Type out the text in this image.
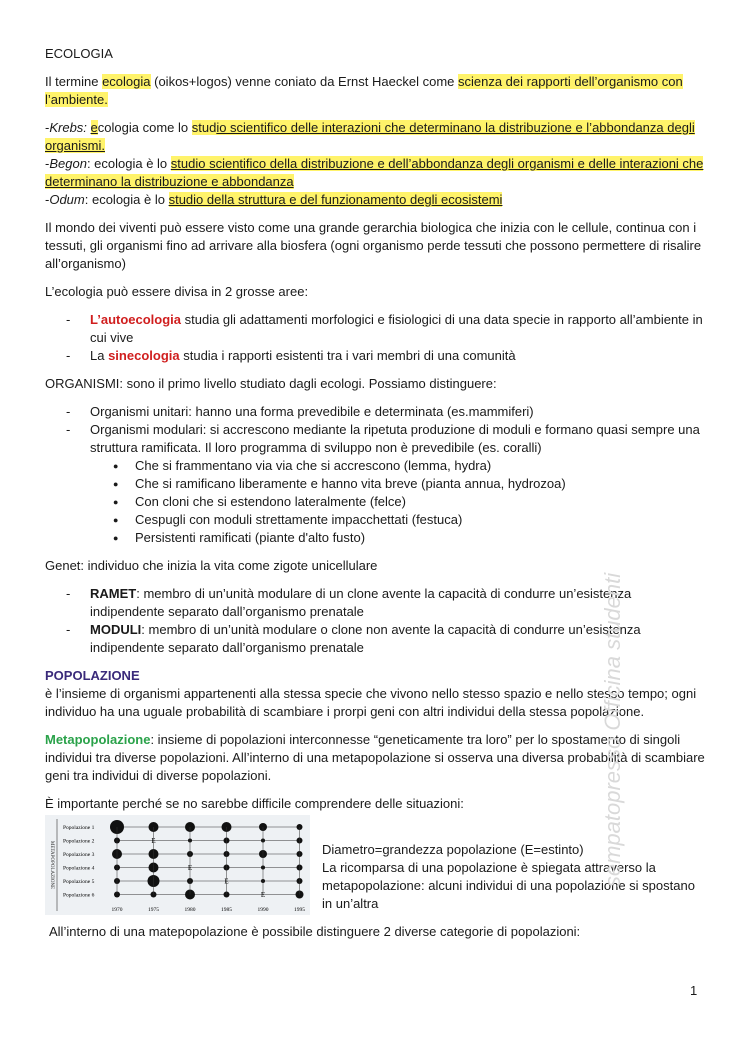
ECOLOGIA

Il termine ecologia (oikos+logos) venne coniato da Ernst Haeckel come scienza dei rapporti dell’organismo con l’ambiente.

-Krebs: ecologia come lo studio scientifico delle interazioni che determinano la distribuzione e l’abbondanza degli organismi.

-Begon: ecologia è lo studio scientifico della distribuzione e dell’abbondanza degli organismi e delle interazioni che determinano la distribuzione e abbondanza

-Odum: ecologia è lo studio della struttura e del funzionamento degli ecosistemi

Il mondo dei viventi può essere visto come una grande gerarchia biologica che inizia con le cellule, continua con i tessuti, gli organismi fino ad arrivare alla biosfera (ogni organismo perde tessuti che possono permettere di risalire all’organismo)

L’ecologia può essere divisa in 2 grosse aree:

- L’autoecologia studia gli adattamenti morfologici e fisiologici di una data specie in rapporto all’ambiente in cui vive
- La sinecologia studia i rapporti esistenti tra i vari membri di una comunità

ORGANISMI: sono il primo livello studiato dagli ecologi. Possiamo distinguere:

- Organismi unitari: hanno una forma prevedibile e determinata (es.mammiferi)
- Organismi modulari: si accrescono mediante la ripetuta produzione di moduli e formano quasi sempre una struttura ramificata. Il loro programma di sviluppo non è prevedibile (es. coralli)
● Che si frammentano via via che si accrescono (lemma, hydra)
● Che si ramificano liberamente e hanno vita breve (pianta annua, hydrozoa)
● Con cloni che si estendono lateralmente (felce)
● Cespugli con moduli strettamente impacchettati (festuca)
● Persistenti ramificati (piante d'alto fusto)

Genet: individuo che inizia la vita come zigote unicellulare

- RAMET: membro di un’unità modulare di un clone avente la capacità di condurre un’esistenza indipendente separato dall’organismo prenatale
- MODULI: membro di un’unità modulare o clone non avente la capacità di condurre un’esistenza indipendente separato dall’organismo prenatale

POPOLAZIONE

è l’insieme di organismi appartenenti alla stessa specie che vivono nello stesso spazio e nello stesso tempo; ogni individuo ha una uguale probabilità di scambiare i prorpi geni con altri individui della stessa popolazione.

Metapopolazione: insieme di popolazioni interconnesse “geneticamente tra loro” per lo spostamento di singoli individui tra diverse popolazioni. All’interno di una metapopolazione si osserva una diversa probabilità di scambiare geni tra individui di diverse popolazioni.

È importante perché se no sarebbe difficile comprendere delle situazioni:

METAPOPOLAZIONE
Popolazione 1
Popolazione 2
Popolazione 3
Popolazione 4
Popolazione 5
Popolazione 6
E
E
E
E
1970	1975	1980	1985	1990	1995

Diametro=grandezza popolazione (E=estinto)

La ricomparsa di una popolazione è spiegata attraverso la metapopolazione: alcuni individui di una popolazione si spostano in un’altra

All’interno di una matepopolazione è possibile distinguere 2 diverse categorie di popolazioni:

sempatopresso Officina studenti
1
